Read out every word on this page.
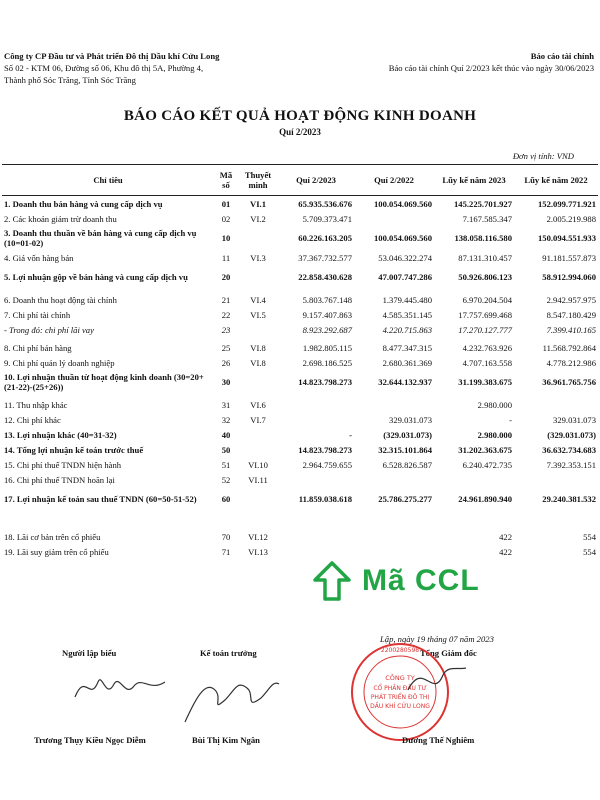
Công ty CP Đầu tư và Phát triển Đô thị Dầu khí Cửu Long
Số 02 - KTM 06, Đường số 06, Khu đô thị 5A, Phường 4,
Thành phố Sóc Trăng, Tỉnh Sóc Trăng
Báo cáo tài chính
Báo cáo tài chính Quí 2/2023 kết thúc vào ngày 30/06/2023
BÁO CÁO KẾT QUẢ HOẠT ĐỘNG KINH DOANH
Quí 2/2023
Đơn vị tính: VND
Chỉ tiêu	Mã số	Thuyết minh	Quí 2/2023	Quí 2/2022	Lũy kế năm 2023	Lũy kế năm 2022
1. Doanh thu bán hàng và cung cấp dịch vụ	01	VI.1	65.935.536.676	100.054.069.560	145.225.701.927	152.099.771.921
2. Các khoản giảm trừ doanh thu	02	VI.2	5.709.373.471		7.167.585.347	2.005.219.988
3. Doanh thu thuần về bán hàng và cung cấp dịch vụ (10=01-02)	10		60.226.163.205	100.054.069.560	138.058.116.580	150.094.551.933
4. Giá vốn hàng bán	11	VI.3	37.367.732.577	53.046.322.274	87.131.310.457	91.181.557.873
5. Lợi nhuận gộp về bán hàng và cung cấp dịch vụ	20		22.858.430.628	47.007.747.286	50.926.806.123	58.912.994.060
6. Doanh thu hoạt động tài chính	21	VI.4	5.803.767.148	1.379.445.480	6.970.204.504	2.942.957.975
7. Chi phí tài chính	22	VI.5	9.157.407.863	4.585.351.145	17.757.699.468	8.547.180.429
- Trong đó: chi phí lãi vay	23		8.923.292.687	4.220.715.863	17.270.127.777	7.399.410.165
8. Chi phí bán hàng	25	VI.8	1.982.805.115	8.477.347.315	4.232.763.926	11.568.792.864
9. Chi phí quản lý doanh nghiệp	26	VI.8	2.698.186.525	2.680.361.369	4.707.163.558	4.778.212.986
10. Lợi nhuận thuần từ hoạt động kinh doanh (30=20+(21-22)-(25+26))	30		14.823.798.273	32.644.132.937	31.199.383.675	36.961.765.756
11. Thu nhập khác	31	VI.6			2.980.000	
12. Chi phí khác	32	VI.7		329.031.073	-	329.031.073
13. Lợi nhuận khác (40=31-32)	40		-	(329.031.073)	2.980.000	(329.031.073)
14. Tổng lợi nhuận kế toán trước thuế	50		14.823.798.273	32.315.101.864	31.202.363.675	36.632.734.683
15. Chi phí thuế TNDN hiện hành	51	VI.10	2.964.759.655	6.528.826.587	6.240.472.735	7.392.353.151
16. Chi phí thuế TNDN hoãn lại	52	VI.11				
17. Lợi nhuận kế toán sau thuế TNDN (60=50-51-52)	60		11.859.038.618	25.786.275.277	24.961.890.940	29.240.381.532

18. Lãi cơ bản trên cổ phiếu	70	VI.12			422	554
19. Lãi suy giảm trên cổ phiếu	71	VI.13			422	554
Mã CCL
Lập, ngày 19 tháng 07 năm 2023
Người lập biểu	Kế toán trưởng	Tổng Giám đốc
CÔNG TY
CỔ PHẦN ĐẦU TƯ
PHÁT TRIỂN ĐÔ THỊ
DẦU KHÍ CỬU LONG
2200280598
Trương Thụy Kiều Ngọc Diễm	Bùi Thị Kim Ngân	Dương Thế Nghiêm
